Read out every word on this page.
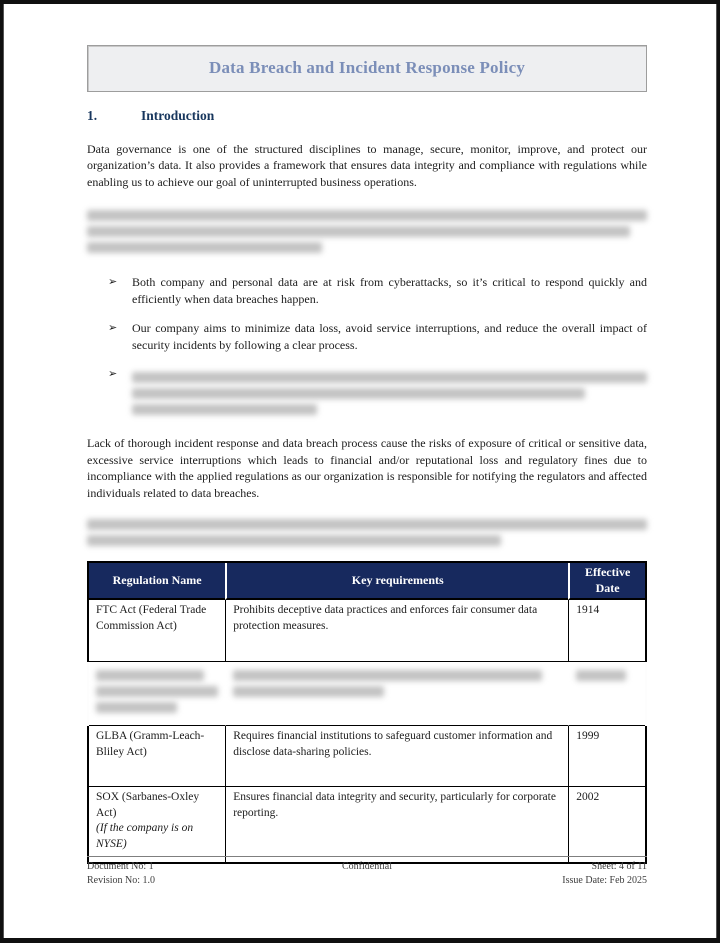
Data Breach and Incident Response Policy
1.	Introduction

Data governance is one of the structured disciplines to manage, secure, monitor, improve, and protect our organization’s data. It also provides a framework that ensures data integrity and compliance with regulations while enabling us to achieve our goal of uninterrupted business operations.

➢ Both company and personal data are at risk from cyberattacks, so it’s critical to respond quickly and efficiently when data breaches happen.
➢ Our company aims to minimize data loss, avoid service interruptions, and reduce the overall impact of security incidents by following a clear process.
➢

Lack of thorough incident response and data breach process cause the risks of exposure of critical or sensitive data, excessive service interruptions which leads to financial and/or reputational loss and regulatory fines due to incompliance with the applied regulations as our organization is responsible for notifying the regulators and affected individuals related to data breaches.

Regulation Name	Key requirements	Effective Date
FTC Act (Federal Trade Commission Act)	Prohibits deceptive data practices and enforces fair consumer data protection measures.	1914

GLBA (Gramm-Leach-Bliley Act)	Requires financial institutions to safeguard customer information and disclose data-sharing policies.	1999
SOX (Sarbanes-Oxley Act)
(If the company is on NYSE)	Ensures financial data integrity and security, particularly for corporate reporting.	2002
Document No: 1
Revision No: 1.0
Confidential	Sheet: 4 of 11
Issue Date: Feb 2025
